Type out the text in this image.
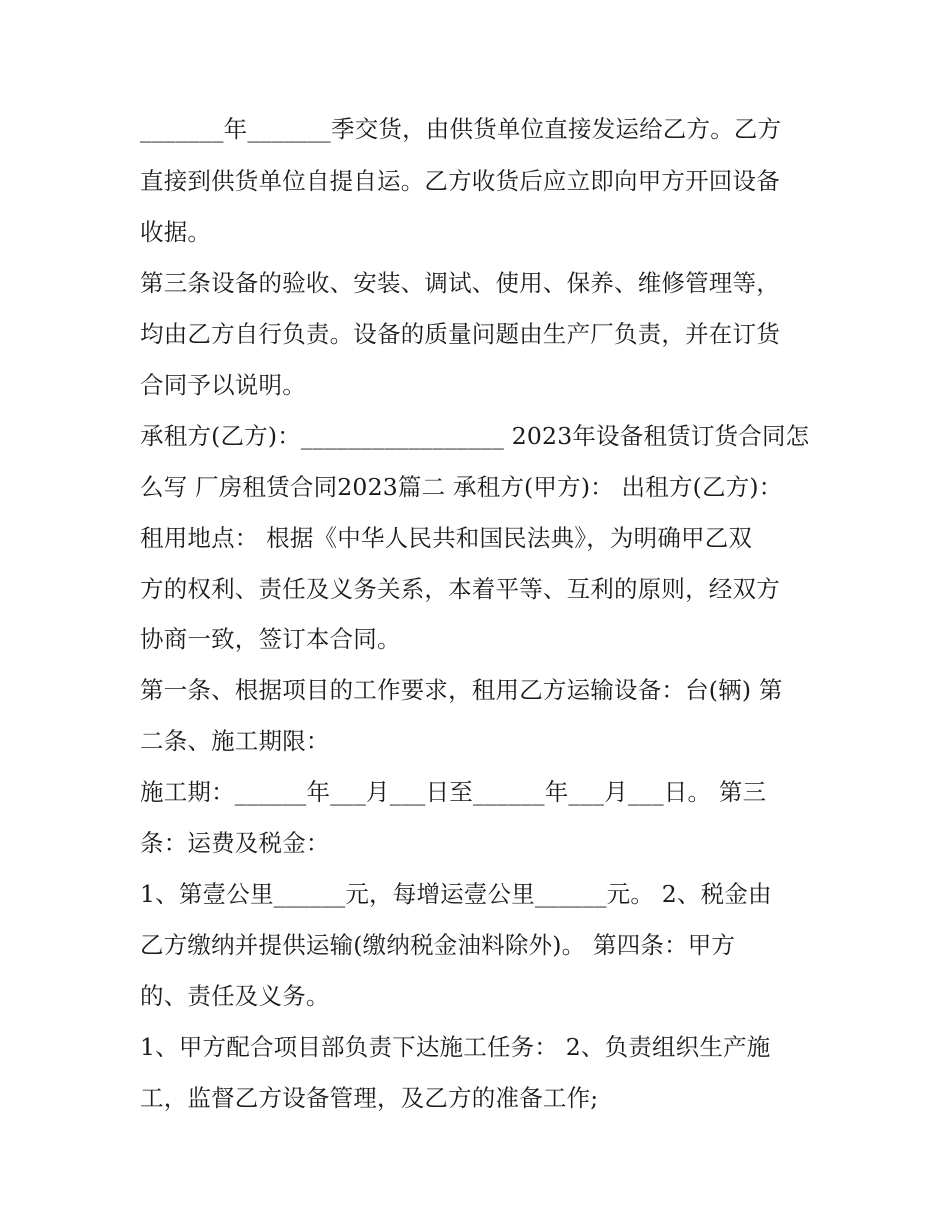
_______年_______季交货，由供货单位直接发运给乙方。乙方
直接到供货单位自提自运。乙方收货后应立即向甲方开回设备
收据。
第三条设备的验收、安装、调试、使用、保养、维修管理等，
均由乙方自行负责。设备的质量问题由生产厂负责，并在订货
合同予以说明。
承租方(乙方)：_________________ 2023年设备租赁订货合同怎
么写 厂房租赁合同2023篇二 承租方(甲方)： 出租方(乙方)：
租用地点： 根据《中华人民共和国民法典》，为明确甲乙双
方的权利、责任及义务关系，本着平等、互利的原则，经双方
协商一致，签订本合同。
第一条、根据项目的工作要求，租用乙方运输设备：台(辆) 第
二条、施工期限：
施工期：______年___月___日至______年___月___日。 第三
条：运费及税金：
1、第壹公里______元，每增运壹公里______元。 2、税金由
乙方缴纳并提供运输(缴纳税金油料除外)。 第四条：甲方
的、责任及义务。
1、甲方配合项目部负责下达施工任务： 2、负责组织生产施
工，监督乙方设备管理，及乙方的准备工作;
